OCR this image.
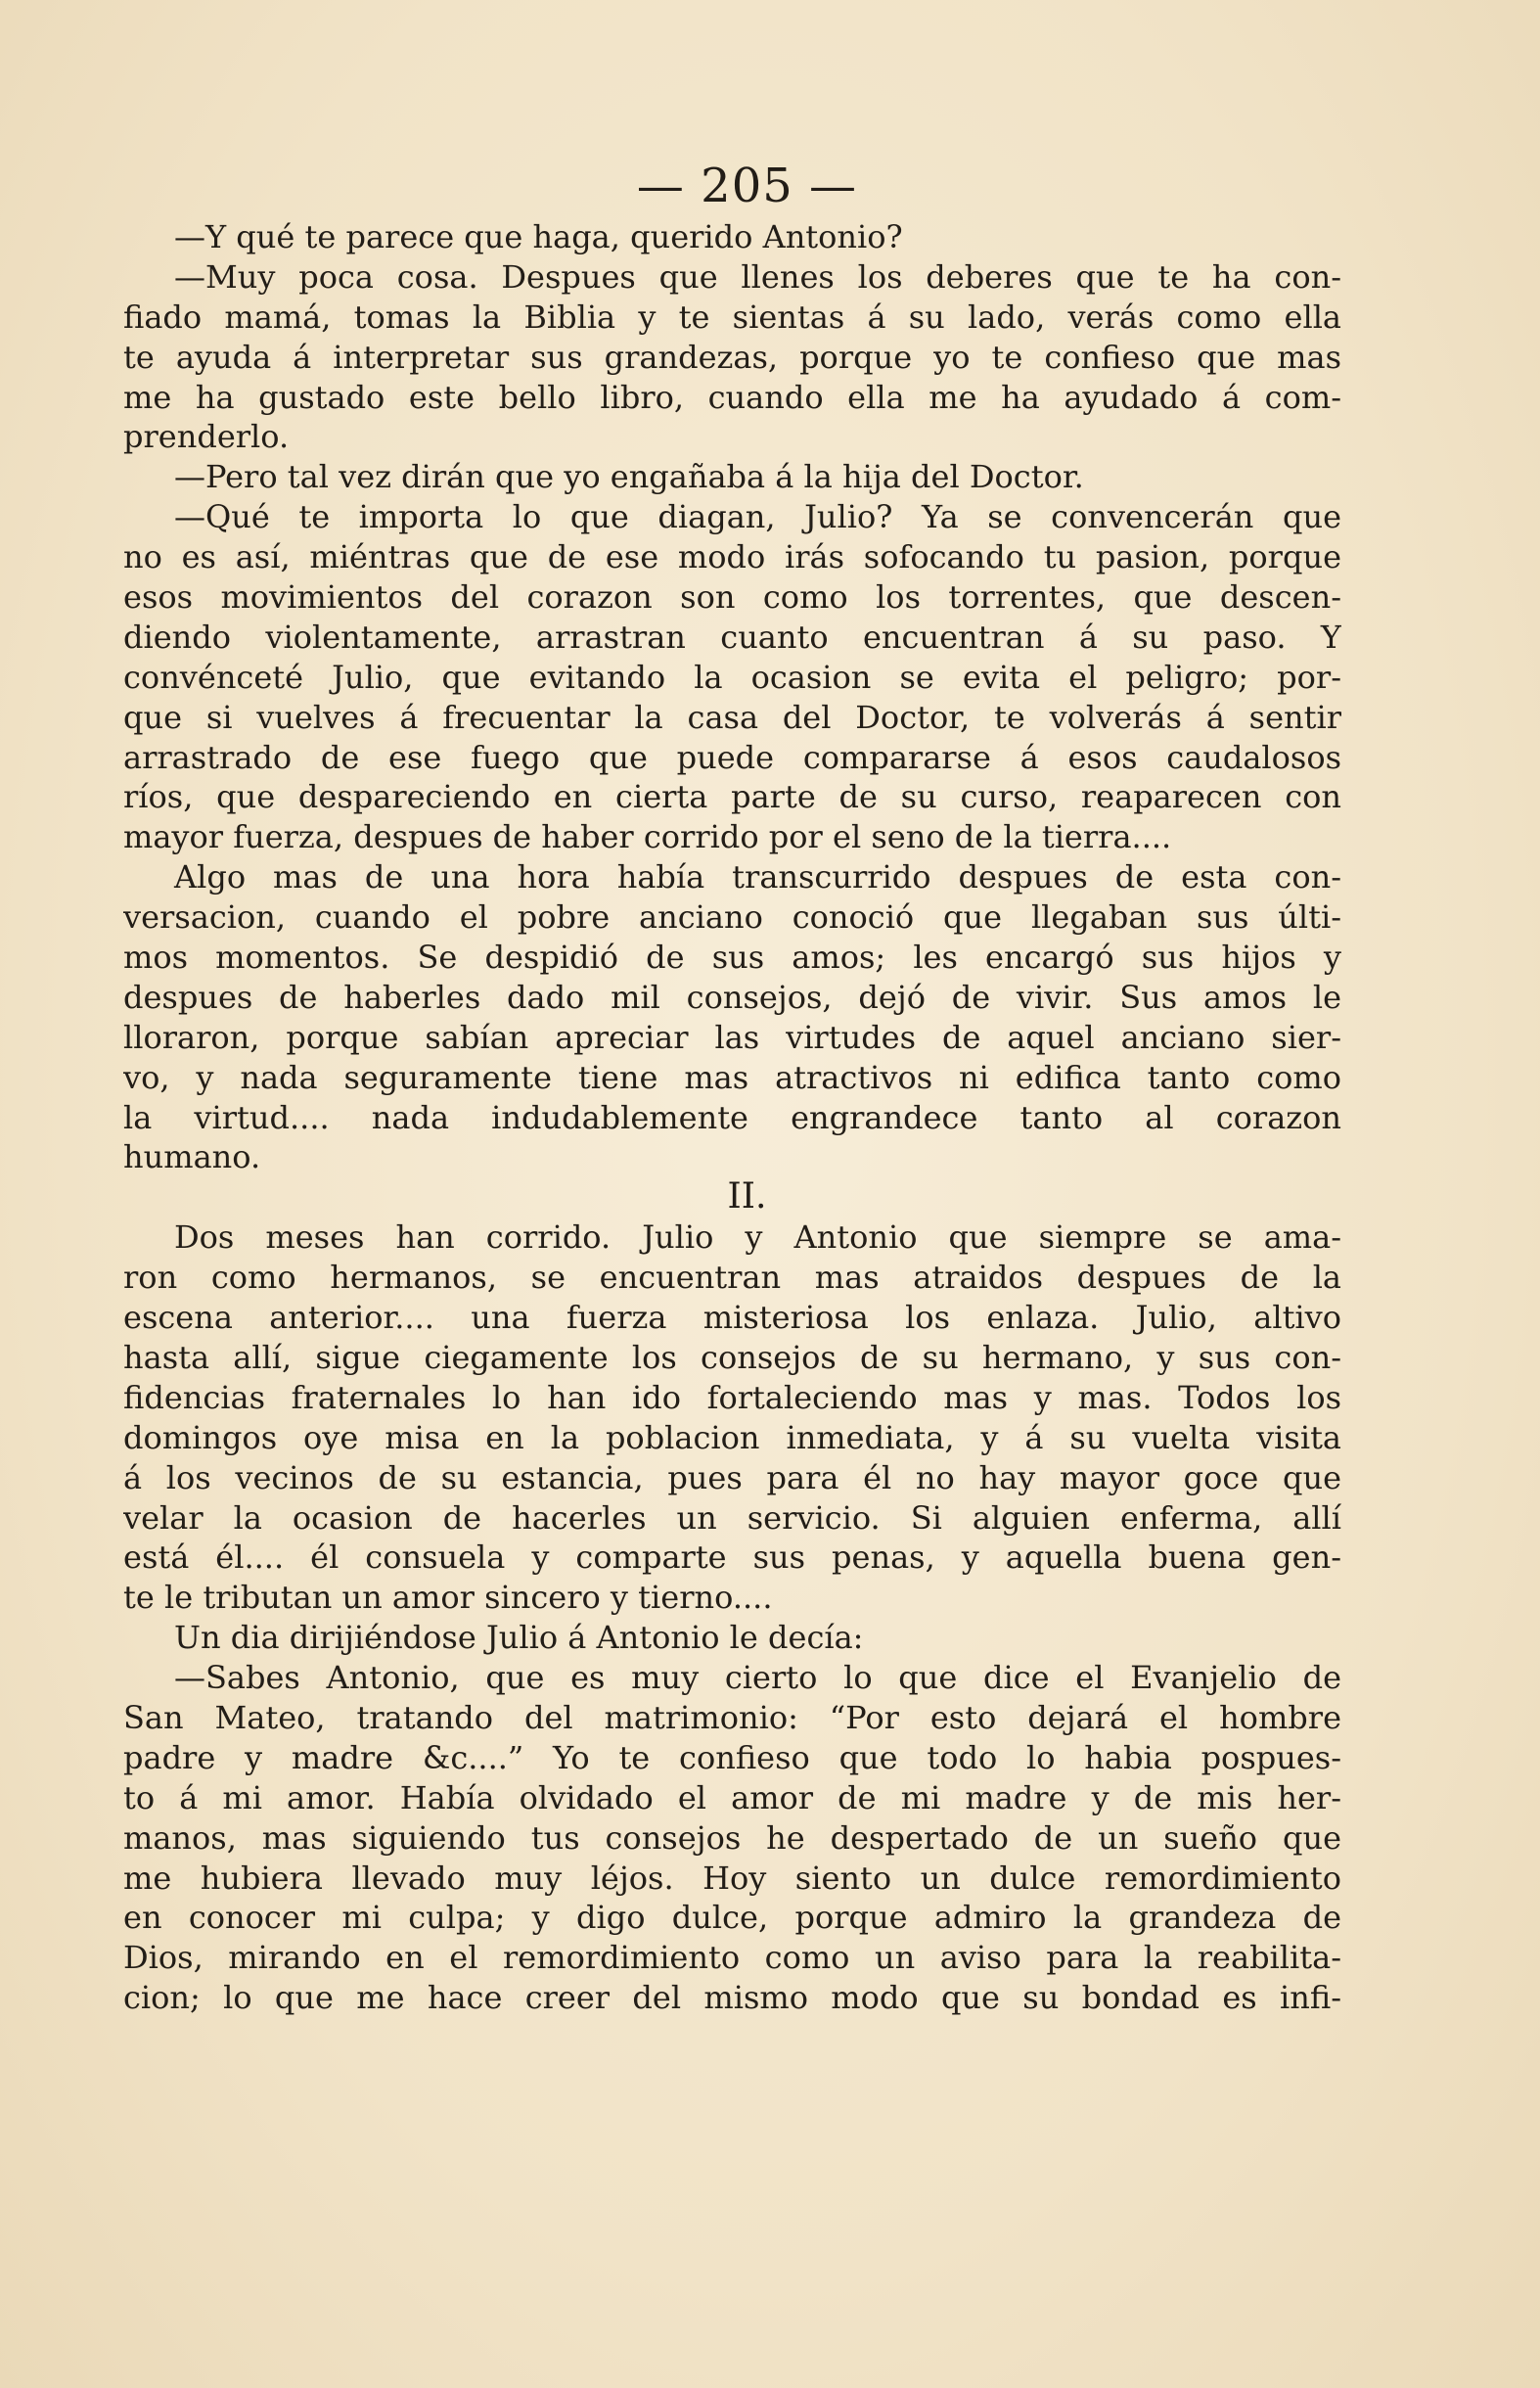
— 205 —
—Y qué te parece que haga, querido Antonio?
—Muy poca cosa. Despues que llenes los deberes que te ha con-
fiado mamá, tomas la Biblia y te sientas á su lado, verás como ella
te ayuda á interpretar sus grandezas, porque yo te confieso que mas
me ha gustado este bello libro, cuando ella me ha ayudado á com-
prenderlo.
—Pero tal vez dirán que yo engañaba á la hija del Doctor.
—Qué te importa lo que diagan, Julio? Ya se convencerán que
no es así, miéntras que de ese modo irás sofocando tu pasion, porque
esos movimientos del corazon son como los torrentes, que descen-
diendo violentamente, arrastran cuanto encuentran á su paso. Y
convénceté Julio, que evitando la ocasion se evita el peligro; por-
que si vuelves á frecuentar la casa del Doctor, te volverás á sentir
arrastrado de ese fuego que puede compararse á esos caudalosos
ríos, que despareciendo en cierta parte de su curso, reaparecen con
mayor fuerza, despues de haber corrido por el seno de la tierra....
Algo mas de una hora había transcurrido despues de esta con-
versacion, cuando el pobre anciano conoció que llegaban sus últi-
mos momentos. Se despidió de sus amos; les encargó sus hijos y
despues de haberles dado mil consejos, dejó de vivir. Sus amos le
lloraron, porque sabían apreciar las virtudes de aquel anciano sier-
vo, y nada seguramente tiene mas atractivos ni edifica tanto como
la virtud.... nada indudablemente engrandece tanto al corazon
humano.
II.
Dos meses han corrido. Julio y Antonio que siempre se ama-
ron como hermanos, se encuentran mas atraidos despues de la
escena anterior.... una fuerza misteriosa los enlaza. Julio, altivo
hasta allí, sigue ciegamente los consejos de su hermano, y sus con-
fidencias fraternales lo han ido fortaleciendo mas y mas. Todos los
domingos oye misa en la poblacion inmediata, y á su vuelta visita
á los vecinos de su estancia, pues para él no hay mayor goce que
velar la ocasion de hacerles un servicio. Si alguien enferma, allí
está él.... él consuela y comparte sus penas, y aquella buena gen-
te le tributan un amor sincero y tierno....
Un dia dirijiéndose Julio á Antonio le decía:
—Sabes Antonio, que es muy cierto lo que dice el Evanjelio de
San Mateo, tratando del matrimonio: “Por esto dejará el hombre
padre y madre &c....” Yo te confieso que todo lo habia pospues-
to á mi amor. Había olvidado el amor de mi madre y de mis her-
manos, mas siguiendo tus consejos he despertado de un sueño que
me hubiera llevado muy léjos. Hoy siento un dulce remordimiento
en conocer mi culpa; y digo dulce, porque admiro la grandeza de
Dios, mirando en el remordimiento como un aviso para la reabilita-
cion; lo que me hace creer del mismo modo que su bondad es infi-
